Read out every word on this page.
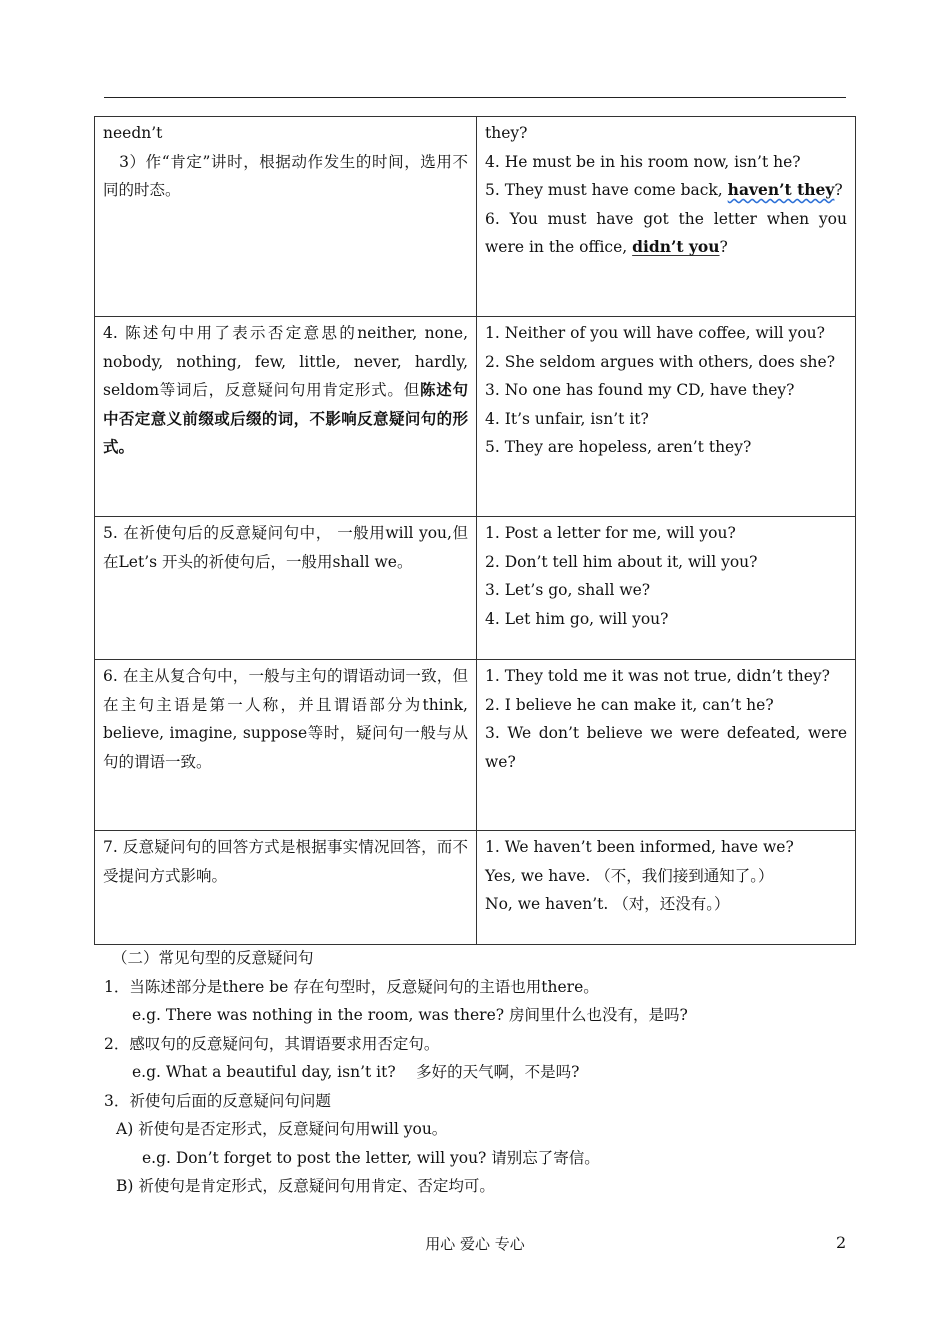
needn’t
　3）作“肯定”讲时，根据动作发生的时间，选用不同的时态。	they?
4. He must be in his room now, isn’t he?
5. They must have come back, haven’t they?
6. You must have got the letter when you were in the office, didn’t you?

4. 陈述句中用了表示否定意思的neither, none, nobody, nothing, few, little, never, hardly, seldom等词后，反意疑问句用肯定形式。但陈述句中否定意义前缀或后缀的词，不影响反意疑问句的形式。	1. Neither of you will have coffee, will you?
2. She seldom argues with others, does she?
3. No one has found my CD, have they?
4. It’s unfair, isn’t it?
5. They are hopeless, aren’t they?

5. 在祈使句后的反意疑问句中， 一般用will you,但在Let’s 开头的祈使句后，一般用shall we。	1. Post a letter for me, will you?
2. Don’t tell him about it, will you?
3. Let’s go, shall we?
4. Let him go, will you?

6. 在主从复合句中，一般与主句的谓语动词一致，但在主句主语是第一人称，并且谓语部分为think, believe, imagine, suppose等时，疑问句一般与从句的谓语一致。	1. They told me it was not true, didn’t they?
2. I believe he can make it, can’t he?
3. We don’t believe we were defeated, were we?

7. 反意疑问句的回答方式是根据事实情况回答，而不受提问方式影响。	1. We haven’t been informed, have we?
Yes, we have. （不，我们接到通知了。）
No, we haven’t. （对，还没有。）

（二）常见句型的反意疑问句

1．当陈述部分是there be 存在句型时，反意疑问句的主语也用there。

e.g. There was nothing in the room, was there? 房间里什么也没有，是吗?

2．感叹句的反意疑问句，其谓语要求用否定句。

e.g. What a beautiful day, isn’t it?　 多好的天气啊，不是吗?

3．祈使句后面的反意疑问句问题

A) 祈使句是否定形式，反意疑问句用will you。

e.g. Don’t forget to post the letter, will you? 请别忘了寄信。

B) 祈使句是肯定形式，反意疑问句用肯定、否定均可。

用心 爱心 专心	2
